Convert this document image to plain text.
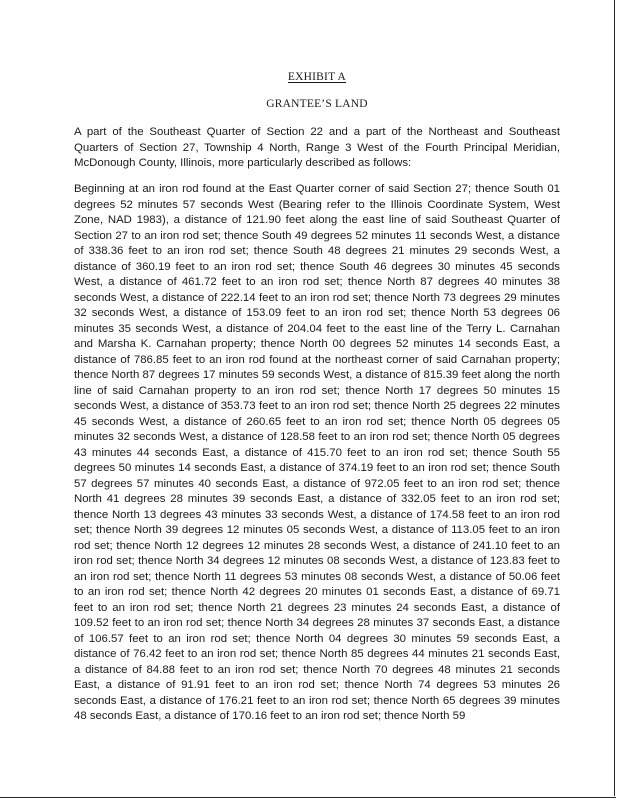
EXHIBIT A
GRANTEE’S LAND

A part of the Southeast Quarter of Section 22 and a part of the Northeast and Southeast Quarters of Section 27, Township 4 North, Range 3 West of the Fourth Principal Meridian, McDonough County, Illinois, more particularly described as follows:

Beginning at an iron rod found at the East Quarter corner of said Section 27; thence South 01 degrees 52 minutes 57 seconds West (Bearing refer to the Illinois Coordinate System, West Zone, NAD 1983), a distance of 121.90 feet along the east line of said Southeast Quarter of Section 27 to an iron rod set; thence South 49 degrees 52 minutes 11 seconds West, a distance of 338.36 feet to an iron rod set; thence South 48 degrees 21 minutes 29 seconds West, a distance of 360.19 feet to an iron rod set; thence South 46 degrees 30 minutes 45 seconds West, a distance of 461.72 feet to an iron rod set; thence North 87 degrees 40 minutes 38 seconds West, a distance of 222.14 feet to an iron rod set; thence North 73 degrees 29 minutes 32 seconds West, a distance of 153.09 feet to an iron rod set; thence North 53 degrees 06 minutes 35 seconds West, a distance of 204.04 feet to the east line of the Terry L. Carnahan and Marsha K. Carnahan property; thence North 00 degrees 52 minutes 14 seconds East, a distance of 786.85 feet to an iron rod found at the northeast corner of said Carnahan property; thence North 87 degrees 17 minutes 59 seconds West, a distance of 815.39 feet along the north line of said Carnahan property to an iron rod set; thence North 17 degrees 50 minutes 15 seconds West, a distance of 353.73 feet to an iron rod set; thence North 25 degrees 22 minutes 45 seconds West, a distance of 260.65 feet to an iron rod set; thence North 05 degrees 05 minutes 32 seconds West, a distance of 128.58 feet to an iron rod set; thence North 05 degrees 43 minutes 44 seconds East, a distance of 415.70 feet to an iron rod set; thence South 55 degrees 50 minutes 14 seconds East, a distance of 374.19 feet to an iron rod set; thence South 57 degrees 57 minutes 40 seconds East, a distance of 972.05 feet to an iron rod set; thence North 41 degrees 28 minutes 39 seconds East, a distance of 332.05 feet to an iron rod set; thence North 13 degrees 43 minutes 33 seconds West, a distance of 174.58 feet to an iron rod set; thence North 39 degrees 12 minutes 05 seconds West, a distance of 113.05 feet to an iron rod set; thence North 12 degrees 12 minutes 28 seconds West, a distance of 241.10 feet to an iron rod set; thence North 34 degrees 12 minutes 08 seconds West, a distance of 123.83 feet to an iron rod set; thence North 11 degrees 53 minutes 08 seconds West, a distance of 50.06 feet to an iron rod set; thence North 42 degrees 20 minutes 01 seconds East, a distance of 69.71 feet to an iron rod set; thence North 21 degrees 23 minutes 24 seconds East, a distance of 109.52 feet to an iron rod set; thence North 34 degrees 28 minutes 37 seconds East, a distance of 106.57 feet to an iron rod set; thence North 04 degrees 30 minutes 59 seconds East, a distance of 76.42 feet to an iron rod set; thence North 85 degrees 44 minutes 21 seconds East, a distance of 84.88 feet to an iron rod set; thence North 70 degrees 48 minutes 21 seconds East, a distance of 91.91 feet to an iron rod set; thence North 74 degrees 53 minutes 26 seconds East, a distance of 176.21 feet to an iron rod set; thence North 65 degrees 39 minutes 48 seconds East, a distance of 170.16 feet to an iron rod set; thence North 59
